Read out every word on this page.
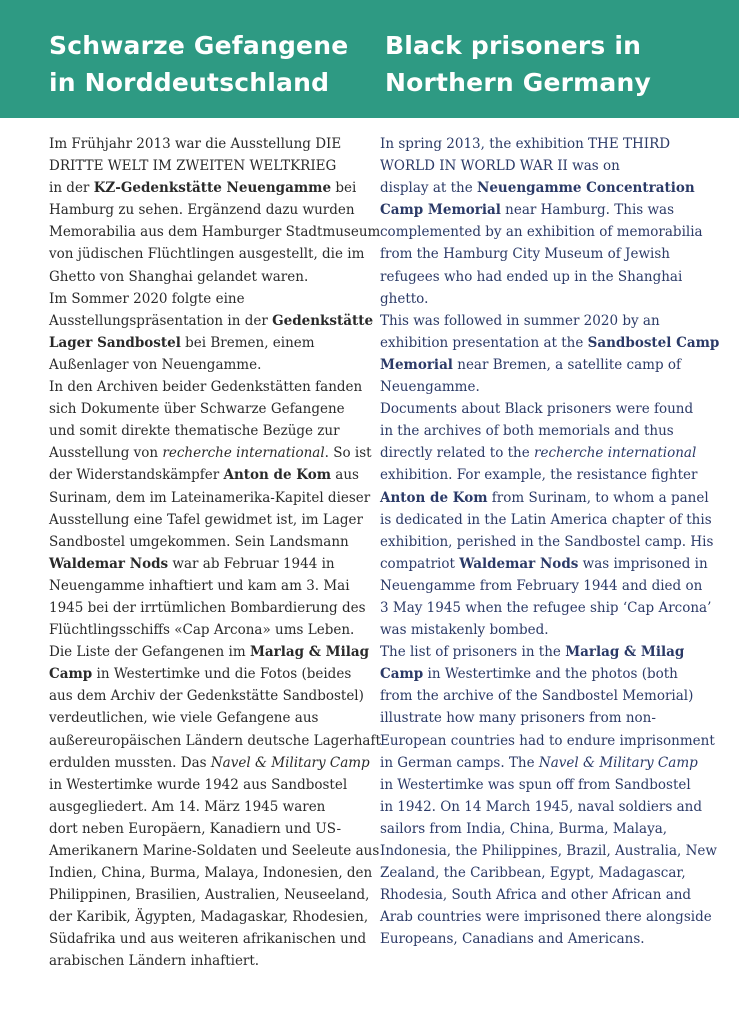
Schwarze Gefangene
in Norddeutschland
Black prisoners in
Northern Germany
Im Frühjahr 2013 war die Ausstellung DIE
DRITTE WELT IM ZWEITEN WELTKRIEG
in der KZ-Gedenkstätte Neuengamme bei
Hamburg zu sehen. Ergänzend dazu wurden
Memorabilia aus dem Hamburger Stadtmuseum
von jüdischen Flüchtlingen ausgestellt, die im
Ghetto von Shanghai gelandet waren.
Im Sommer 2020 folgte eine
Ausstellungspräsentation in der Gedenkstätte
Lager Sandbostel bei Bremen, einem
Außenlager von Neuengamme.
In den Archiven beider Gedenkstätten fanden
sich Dokumente über Schwarze Gefangene
und somit direkte thematische Bezüge zur
Ausstellung von recherche international. So ist
der Widerstandskämpfer Anton de Kom aus
Surinam, dem im Lateinamerika-Kapitel dieser
Ausstellung eine Tafel gewidmet ist, im Lager
Sandbostel umgekommen. Sein Landsmann
Waldemar Nods war ab Februar 1944 in
Neuengamme inhaftiert und kam am 3. Mai
1945 bei der irrtümlichen Bombardierung des
Flüchtlingsschiffs «Cap Arcona» ums Leben.
Die Liste der Gefangenen im Marlag & Milag
Camp in Westertimke und die Fotos (beides
aus dem Archiv der Gedenkstätte Sandbostel)
verdeutlichen, wie viele Gefangene aus
außereuropäischen Ländern deutsche Lagerhaft
erdulden mussten. Das Navel & Military Camp
in Westertimke wurde 1942 aus Sandbostel
ausgegliedert. Am 14. März 1945 waren
dort neben Europäern, Kanadiern und US-
Amerikanern Marine-Soldaten und Seeleute aus
Indien, China, Burma, Malaya, Indonesien, den
Philippinen, Brasilien, Australien, Neuseeland,
der Karibik, Ägypten, Madagaskar, Rhodesien,
Südafrika und aus weiteren afrikanischen und
arabischen Ländern inhaftiert.
In spring 2013, the exhibition THE THIRD
WORLD IN WORLD WAR II was on
display at the Neuengamme Concentration
Camp Memorial near Hamburg. This was
complemented by an exhibition of memorabilia
from the Hamburg City Museum of Jewish
refugees who had ended up in the Shanghai
ghetto.
This was followed in summer 2020 by an
exhibition presentation at the Sandbostel Camp
Memorial near Bremen, a satellite camp of
Neuengamme.
Documents about Black prisoners were found
in the archives of both memorials and thus
directly related to the recherche international
exhibition. For example, the resistance fighter
Anton de Kom from Surinam, to whom a panel
is dedicated in the Latin America chapter of this
exhibition, perished in the Sandbostel camp. His
compatriot Waldemar Nods was imprisoned in
Neuengamme from February 1944 and died on
3 May 1945 when the refugee ship ‘Cap Arcona’
was mistakenly bombed.
The list of prisoners in the Marlag & Milag
Camp in Westertimke and the photos (both
from the archive of the Sandbostel Memorial)
illustrate how many prisoners from non-
European countries had to endure imprisonment
in German camps. The Navel & Military Camp
in Westertimke was spun off from Sandbostel
in 1942. On 14 March 1945, naval soldiers and
sailors from India, China, Burma, Malaya,
Indonesia, the Philippines, Brazil, Australia, New
Zealand, the Caribbean, Egypt, Madagascar,
Rhodesia, South Africa and other African and
Arab countries were imprisoned there alongside
Europeans, Canadians and Americans.
